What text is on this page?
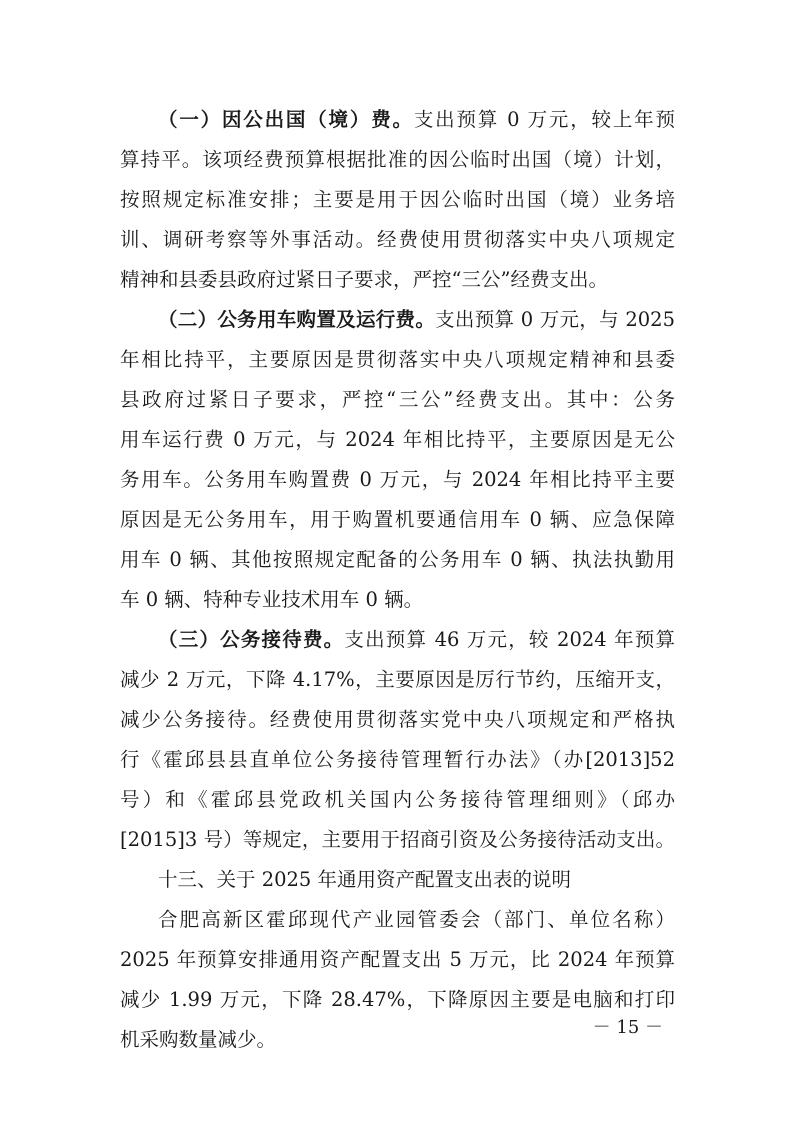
（一）因公出国（境）费。支出预算 0 万元，较上年预
算持平。该项经费预算根据批准的因公临时出国（境）计划，
按照规定标准安排；主要是用于因公临时出国（境）业务培
训、调研考察等外事活动。经费使用贯彻落实中央八项规定
精神和县委县政府过紧日子要求，严控“三公”经费支出。
（二）公务用车购置及运行费。支出预算 0 万元，与 2025
年相比持平，主要原因是贯彻落实中央八项规定精神和县委
县政府过紧日子要求，严控“三公”经费支出。其中：公务
用车运行费 0 万元，与 2024 年相比持平，主要原因是无公
务用车。公务用车购置费 0 万元，与 2024 年相比持平主要
原因是无公务用车，用于购置机要通信用车 0 辆、应急保障
用车 0 辆、其他按照规定配备的公务用车 0 辆、执法执勤用
车 0 辆、特种专业技术用车 0 辆。
（三）公务接待费。支出预算 46 万元，较 2024 年预算
减少 2 万元，下降 4.17%，主要原因是厉行节约，压缩开支，
减少公务接待。经费使用贯彻落实党中央八项规定和严格执
行《霍邱县县直单位公务接待管理暂行办法》（办[2013]52
号）和《霍邱县党政机关国内公务接待管理细则》（邱办
[2015]3 号）等规定，主要用于招商引资及公务接待活动支出。
十三、关于 2025 年通用资产配置支出表的说明
合肥高新区霍邱现代产业园管委会（部门、单位名称）
2025 年预算安排通用资产配置支出 5 万元，比 2024 年预算
减少 1.99 万元，下降 28.47%，下降原因主要是电脑和打印
机采购数量减少。
－ 15 －
